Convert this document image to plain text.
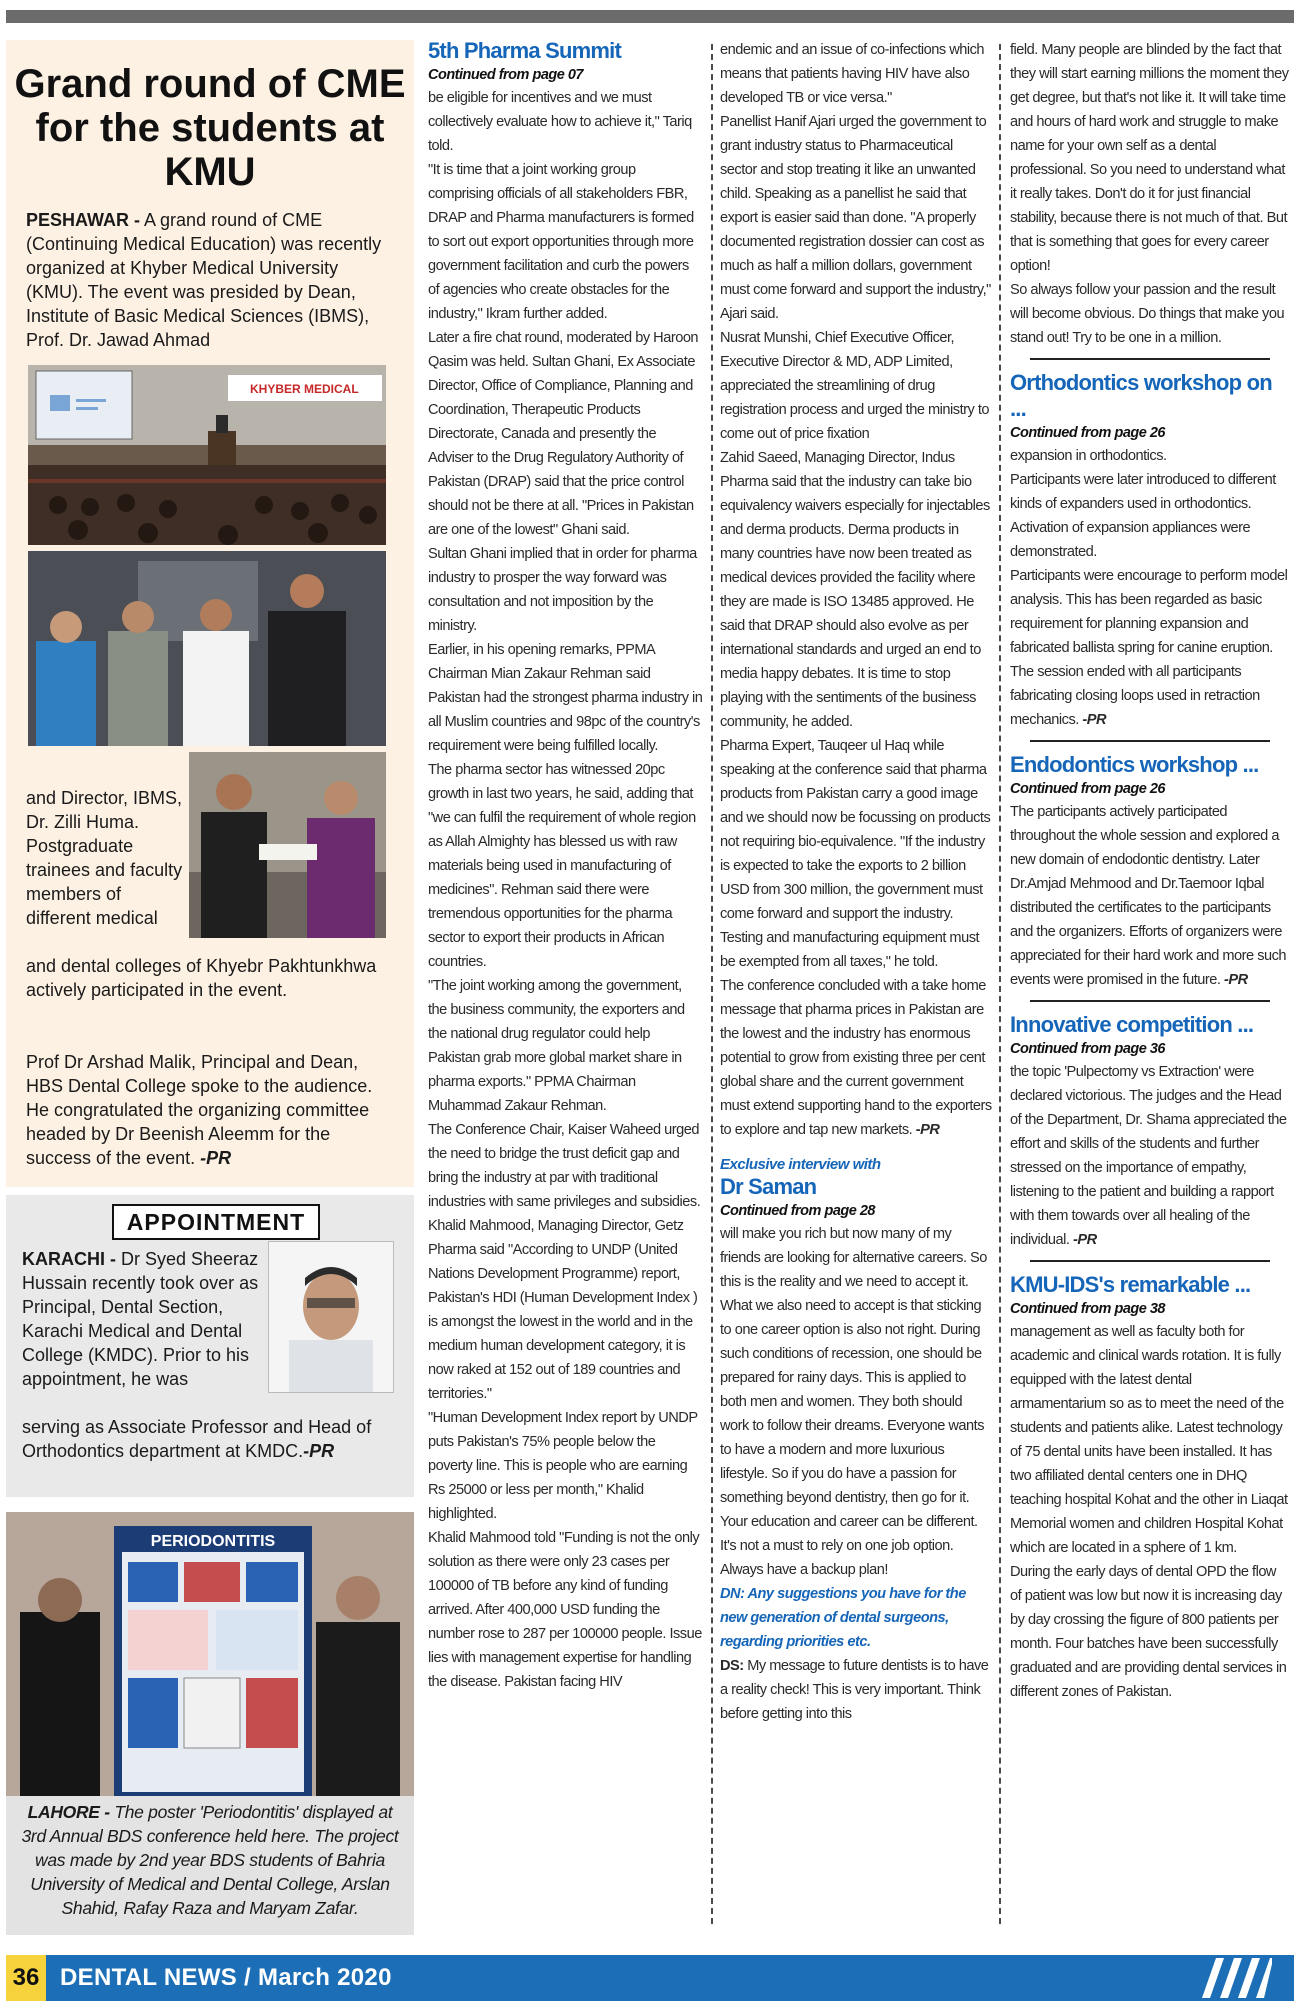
Grand round of CME for the students at KMU
PESHAWAR - A grand round of CME (Continuing Medical Education) was recently organized at Khyber Medical University (KMU). The event was presided by Dean, Institute of Basic Medical Sciences (IBMS), Prof. Dr. Jawad Ahmad
KHYBER MEDICAL
and Director, IBMS, Dr. Zilli Huma. Postgraduate trainees and faculty members of different medical
and dental colleges of Khyebr Pakhtunkhwa actively participated in the event.
Prof Dr Arshad Malik, Principal and Dean, HBS Dental College spoke to the audience. He congratulated the organizing committee headed by Dr Beenish Aleemm for the success of the event. -PR
APPOINTMENT
KARACHI - Dr Syed Sheeraz Hussain recently took over as Principal, Dental Section, Karachi Medical and Dental College (KMDC). Prior to his appointment, he was
serving as Associate Professor and Head of Orthodontics department at KMDC.-PR
PERIODONTITIS
LAHORE - The poster 'Periodontitis' displayed at 3rd Annual BDS conference held here. The project was made by 2nd year BDS students of Bahria University of Medical and Dental College, Arslan Shahid, Rafay Raza and Maryam Zafar.

5th Pharma Summit

Continued from page 07

be eligible for incentives and we must collectively evaluate how to achieve it," Tariq told.

"It is time that a joint working group comprising officials of all stakeholders FBR, DRAP and Pharma manufacturers is formed to sort out export opportunities through more government facilitation and curb the powers of agencies who create obstacles for the industry," Ikram further added.

Later a fire chat round, moderated by Haroon Qasim was held. Sultan Ghani, Ex Associate Director, Office of Compliance, Planning and Coordination, Therapeutic Products Directorate, Canada and presently the Adviser to the Drug Regulatory Authority of Pakistan (DRAP) said that the price control should not be there at all. "Prices in Pakistan are one of the lowest" Ghani said.

Sultan Ghani implied that in order for pharma industry to prosper the way forward was consultation and not imposition by the ministry.

Earlier, in his opening remarks, PPMA Chairman Mian Zakaur Rehman said Pakistan had the strongest pharma industry in all Muslim countries and 98pc of the country's requirement were being fulfilled locally.

The pharma sector has witnessed 20pc growth in last two years, he said, adding that "we can fulfil the requirement of whole region as Allah Almighty has blessed us with raw materials being used in manufacturing of medicines". Rehman said there were tremendous opportunities for the pharma sector to export their products in African countries.

"The joint working among the government, the business community, the exporters and the national drug regulator could help Pakistan grab more global market share in pharma exports." PPMA Chairman Muhammad Zakaur Rehman.

The Conference Chair, Kaiser Waheed urged the need to bridge the trust deficit gap and bring the industry at par with traditional industries with same privileges and subsidies.

Khalid Mahmood, Managing Director, Getz Pharma said "According to UNDP (United Nations Development Programme) report, Pakistan's HDI (Human Development Index ) is amongst the lowest in the world and in the medium human development category, it is now raked at 152 out of 189 countries and territories."

"Human Development Index report by UNDP puts Pakistan's 75% people below the poverty line. This is people who are earning Rs 25000 or less per month," Khalid highlighted.

Khalid Mahmood told "Funding is not the only solution as there were only 23 cases per 100000 of TB before any kind of funding arrived. After 400,000 USD funding the number rose to 287 per 100000 people. Issue lies with management expertise for handling the disease. Pakistan facing HIV

endemic and an issue of co-infections which means that patients having HIV have also developed TB or vice versa."

Panellist Hanif Ajari urged the government to grant industry status to Pharmaceutical sector and stop treating it like an unwanted child. Speaking as a panellist he said that export is easier said than done. "A properly documented registration dossier can cost as much as half a million dollars, government must come forward and support the industry," Ajari said.

Nusrat Munshi, Chief Executive Officer, Executive Director & MD, ADP Limited, appreciated the streamlining of drug registration process and urged the ministry to come out of price fixation

Zahid Saeed, Managing Director, Indus Pharma said that the industry can take bio equivalency waivers especially for injectables and derma products. Derma products in many countries have now been treated as medical devices provided the facility where they are made is ISO 13485 approved. He said that DRAP should also evolve as per international standards and urged an end to media happy debates. It is time to stop playing with the sentiments of the business community, he added.

Pharma Expert, Tauqeer ul Haq while speaking at the conference said that pharma products from Pakistan carry a good image and we should now be focussing on products not requiring bio-equivalence. "If the industry is expected to take the exports to 2 billion USD from 300 million, the government must come forward and support the industry. Testing and manufacturing equipment must be exempted from all taxes," he told.

The conference concluded with a take home message that pharma prices in Pakistan are the lowest and the industry has enormous potential to grow from existing three per cent global share and the current government must extend supporting hand to the exporters to explore and tap new markets. -PR

Exclusive interview with

Dr Saman

Continued from page 28

will make you rich but now many of my friends are looking for alternative careers. So this is the reality and we need to accept it.

What we also need to accept is that sticking to one career option is also not right. During such conditions of recession, one should be prepared for rainy days. This is applied to both men and women. They both should work to follow their dreams. Everyone wants to have a modern and more luxurious lifestyle. So if you do have a passion for something beyond dentistry, then go for it. Your education and career can be different. It's not a must to rely on one job option. Always have a backup plan!

DN: Any suggestions you have for the new generation of dental surgeons, regarding priorities etc.

DS: My message to future dentists is to have a reality check! This is very important. Think before getting into this

field. Many people are blinded by the fact that they will start earning millions the moment they get degree, but that's not like it. It will take time and hours of hard work and struggle to make name for your own self as a dental professional. So you need to understand what it really takes. Don't do it for just financial stability, because there is not much of that. But that is something that goes for every career option!

So always follow your passion and the result will become obvious. Do things that make you stand out! Try to be one in a million.

Orthodontics workshop on ...

Continued from page 26

expansion in orthodontics.

Participants were later introduced to different kinds of expanders used in orthodontics. Activation of expansion appliances were demonstrated.

Participants were encourage to perform model analysis. This has been regarded as basic requirement for planning expansion and fabricated ballista spring for canine eruption.

The session ended with all participants fabricating closing loops used in retraction mechanics. -PR

Endodontics workshop ...

Continued from page 26

The participants actively participated throughout the whole session and explored a new domain of endodontic dentistry. Later Dr.Amjad Mehmood and Dr.Taemoor Iqbal distributed the certificates to the participants and the organizers. Efforts of organizers were appreciated for their hard work and more such events were promised in the future. -PR

Innovative competition ...

Continued from page 36

the topic 'Pulpectomy vs Extraction' were declared victorious. The judges and the Head of the Department, Dr. Shama appreciated the effort and skills of the students and further stressed on the importance of empathy, listening to the patient and building a rapport with them towards over all healing of the individual. -PR

KMU-IDS's remarkable ...

Continued from page 38

management as well as faculty both for academic and clinical wards rotation. It is fully equipped with the latest dental armamentarium so as to meet the need of the students and patients alike. Latest technology of 75 dental units have been installed. It has two affiliated dental centers one in DHQ teaching hospital Kohat and the other in Liaqat Memorial women and children Hospital Kohat which are located in a sphere of 1 km.

During the early days of dental OPD the flow of patient was low but now it is increasing day by day crossing the figure of 800 patients per month. Four batches have been successfully graduated and are providing dental services in different zones of Pakistan.

36 DENTAL NEWS / March 2020
